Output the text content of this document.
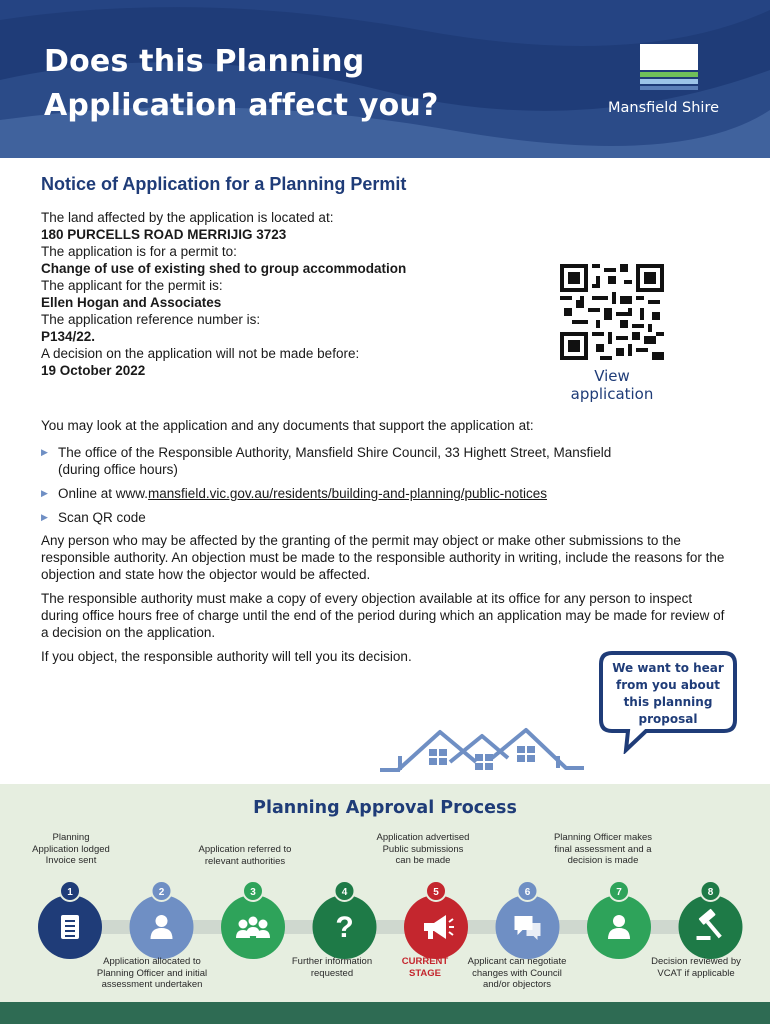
Does this Planning
Application affect you?	Mansfield Shire
Notice of Application for a Planning Permit
The land affected by the application is located at:
180 PURCELLS ROAD MERRIJIG 3723
The application is for a permit to:
Change of use of existing shed to group accommodation
The applicant for the permit is:
Ellen Hogan and Associates
The application reference number is:
P134/22.
A decision on the application will not be made before:
19 October 2022	View
application
You may look at the application and any documents that support the application at:
▶ The office of the Responsible Authority, Mansfield Shire Council, 33 Highett Street, Mansfield
(during office hours)
▶ Online at www.mansfield.vic.gov.au/residents/building-and-planning/public-notices
▶ Scan QR code
Any person who may be affected by the granting of the permit may object or make other submissions to the responsible authority. An objection must be made to the responsible authority in writing, include the reasons for the objection and state how the objector would be affected.
The responsible authority must make a copy of every objection available at its office for any person to inspect during office hours free of charge until the end of the period during which an application may be made for review of a decision on the application.
If you object, the responsible authority will tell you its decision.
We want to hear
from you about
this planning
proposal
Planning Approval Process
Planning
Application lodged
Invoice sent
Application referred to
relevant authorities
Application advertised
Public submissions
can be made
Planning Officer makes
final assessment and a
decision is made
1	2	3
?
4	5	6	7	8
Application allocated to
Planning Officer and initial
assessment undertaken
Further information
requested
CURRENT
STAGE
Applicant can negotiate
changes with Council
and/or objectors
Decision reviewed by
VCAT if applicable
